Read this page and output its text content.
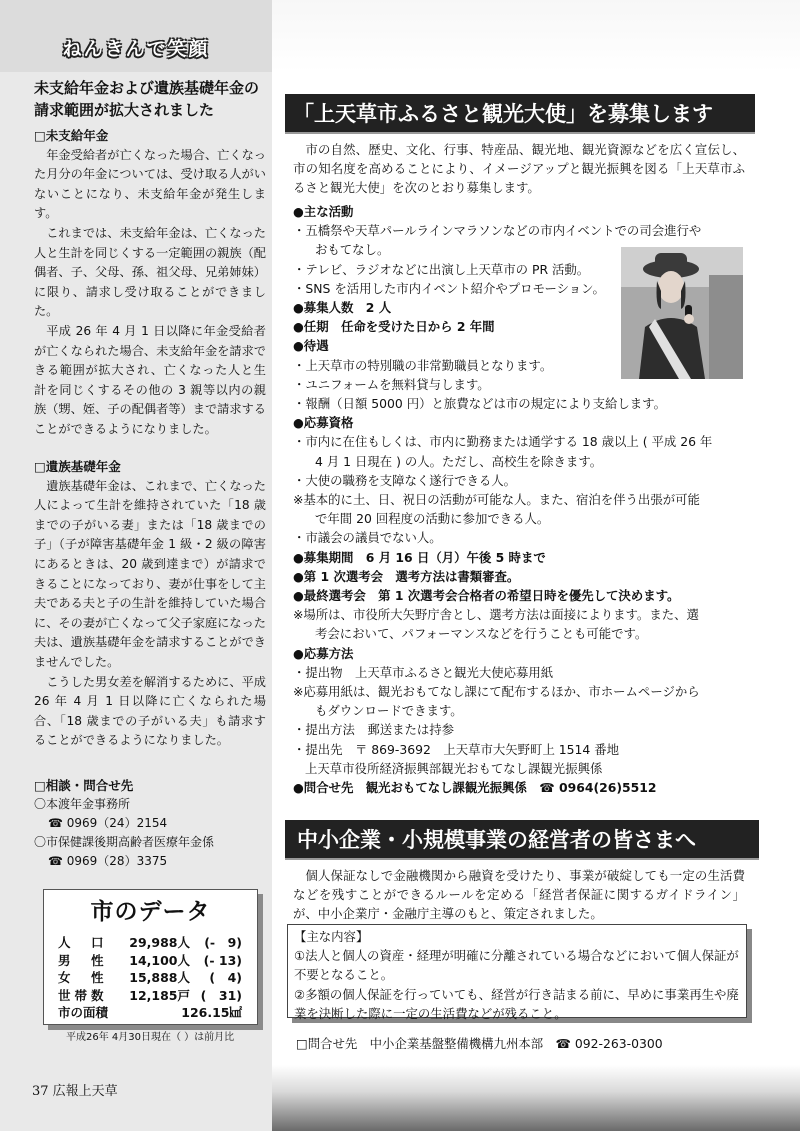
ねんきんで笑顔
未支給年金および遺族基礎年金の請求範囲が拡大されました
□未支給年金

年金受給者が亡くなった場合、亡くなった月分の年金については、受け取る人がいないことになり、未支給年金が発生します。

これまでは、未支給年金は、亡くなった人と生計を同じくする一定範囲の親族（配偶者、子、父母、孫、祖父母、兄弟姉妹）に限り、請求し受け取ることができました。

平成 26 年 4 月 1 日以降に年金受給者が亡くなられた場合、未支給年金を請求できる範囲が拡大され、亡くなった人と生計を同じくするその他の 3 親等以内の親族（甥、姪、子の配偶者等）まで請求することができるようになりました。

□遺族基礎年金

遺族基礎年金は、これまで、亡くなった人によって生計を維持されていた「18 歳までの子がいる妻」または「18 歳までの子」（子が障害基礎年金 1 級・2 級の障害にあるときは、20 歳到達まで）が請求できることになっており、妻が仕事をして主夫である夫と子の生計を維持していた場合に、その妻が亡くなって父子家庭になった夫は、遺族基礎年金を請求することができませんでした。

こうした男女差を解消するために、平成 26 年 4 月 1 日以降に亡くなられた場合、「18 歳までの子がいる夫」も請求することができるようになりました。

□相談・問合せ先
〇本渡年金事務所
☎ 0969（24）2154
〇市保健課後期高齢者医療年金係
☎ 0969（28）3375
市のデータ
人　口	29,988人	(-　9)
男　性	14,100人	(- 13)
女　性	15,888人	(　4)
世帯数	12,185戸 (　31)
市の面積	126.15㎢
平成26年 4月30日現在（ ）は前月比
37 広報上天草
「上天草市ふるさと観光大使」を募集します

市の自然、歴史、文化、行事、特産品、観光地、観光資源などを広く宣伝し、市の知名度を高めることにより、イメージアップと観光振興を図る「上天草市ふるさと観光大使」を次のとおり募集します。

●主な活動
・五橋祭や天草パールラインマラソンなどの市内イベントでの司会進行や
おもてなし。
・テレビ、ラジオなどに出演し上天草市の PR 活動。
・SNS を活用した市内イベント紹介やプロモーション。
●募集人数　2 人
●任期　任命を受けた日から 2 年間
●待遇
・上天草市の特別職の非常勤職員となります。
・ユニフォームを無料貸与します。
・報酬（日額 5000 円）と旅費などは市の規定により支給します。
●応募資格
・市内に在住もしくは、市内に勤務または通学する 18 歳以上 ( 平成 26 年
4 月 1 日現在 ) の人。ただし、高校生を除きます。
・大使の職務を支障なく遂行できる人。
※基本的に土、日、祝日の活動が可能な人。また、宿泊を伴う出張が可能
で年間 20 回程度の活動に参加できる人。
・市議会の議員でない人。
●募集期間　6 月 16 日（月）午後 5 時まで
●第 1 次選考会　選考方法は書類審査。
●最終選考会　第 1 次選考会合格者の希望日時を優先して決めます。
※場所は、市役所大矢野庁舎とし、選考方法は面接によります。また、選
考会において、パフォーマンスなどを行うことも可能です。
●応募方法
・提出物　上天草市ふるさと観光大使応募用紙
※応募用紙は、観光おもてなし課にて配布するほか、市ホームページから
もダウンロードできます。
・提出方法　郵送または持参
・提出先　〒 869-3692　上天草市大矢野町上 1514 番地
上天草市役所経済振興部観光おもてなし課観光振興係
●問合せ先　観光おもてなし課観光振興係　☎ 0964(26)5512
中小企業・小規模事業の経営者の皆さまへ

個人保証なしで金融機関から融資を受けたり、事業が破綻しても一定の生活費などを残すことができるルールを定める「経営者保証に関するガイドライン」が、中小企業庁・金融庁主導のもと、策定されました。

【主な内容】
①法人と個人の資産・経理が明確に分離されている場合などにおいて個人保証が不要となること。
②多額の個人保証を行っていても、経営が行き詰まる前に、早めに事業再生や廃業を決断した際に一定の生活費などが残ること。
□問合せ先　中小企業基盤整備機構九州本部　☎ 092-263-0300
